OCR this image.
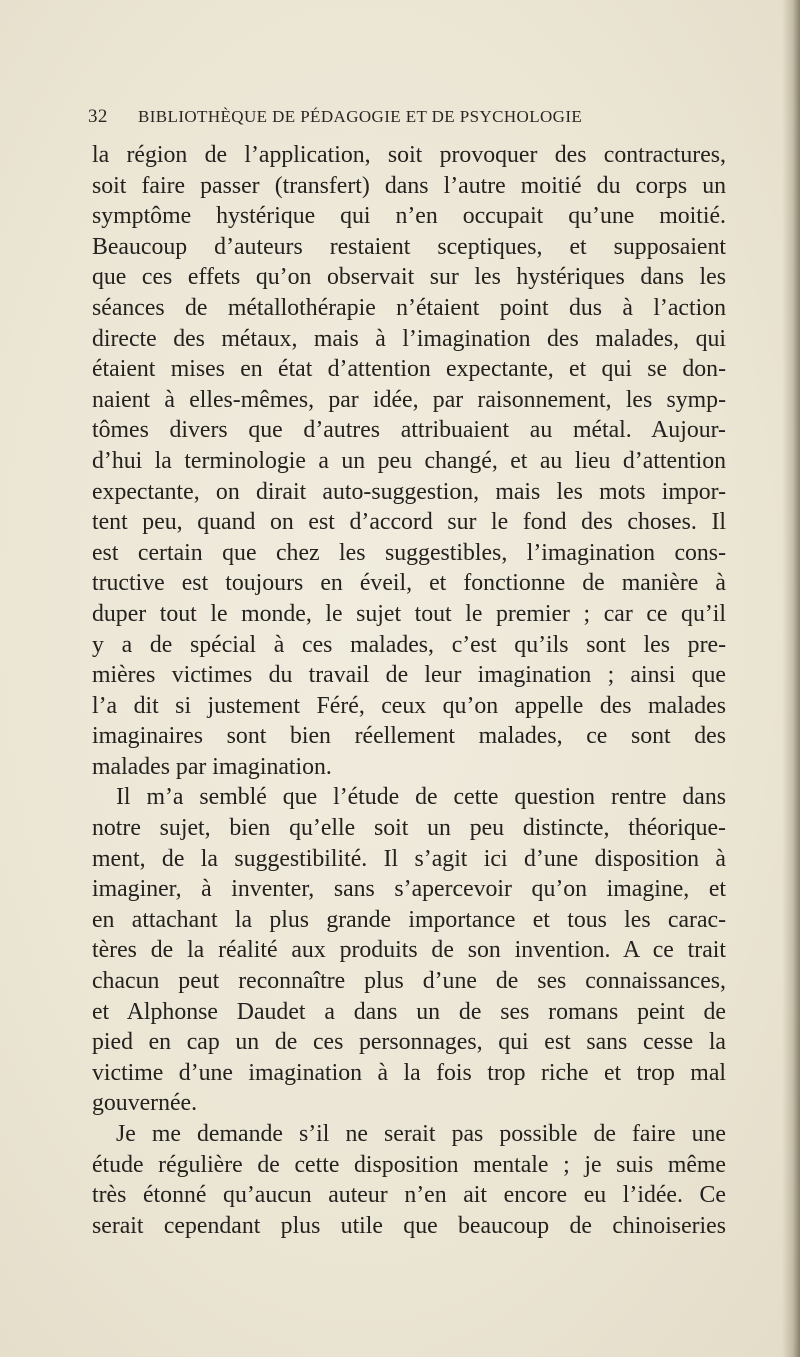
32 BIBLIOTHÈQUE DE PÉDAGOGIE ET DE PSYCHOLOGIE
la région de l’application, soit provoquer des contractures,
soit faire passer (transfert) dans l’autre moitié du corps un
symptôme hystérique qui n’en occupait qu’une moitié.
Beaucoup d’auteurs restaient sceptiques, et supposaient
que ces effets qu’on observait sur les hystériques dans les
séances de métallothérapie n’étaient point dus à l’action
directe des métaux, mais à l’imagination des malades, qui
étaient mises en état d’attention expectante, et qui se don-
naient à elles-mêmes, par idée, par raisonnement, les symp-
tômes divers que d’autres attribuaient au métal. Aujour-
d’hui la terminologie a un peu changé, et au lieu d’attention
expectante, on dirait auto-suggestion, mais les mots impor-
tent peu, quand on est d’accord sur le fond des choses. Il
est certain que chez les suggestibles, l’imagination cons-
tructive est toujours en éveil, et fonctionne de manière à
duper tout le monde, le sujet tout le premier ; car ce qu’il
y a de spécial à ces malades, c’est qu’ils sont les pre-
mières victimes du travail de leur imagination ; ainsi que
l’a dit si justement Féré, ceux qu’on appelle des malades
imaginaires sont bien réellement malades, ce sont des
malades par imagination.
Il m’a semblé que l’étude de cette question rentre dans
notre sujet, bien qu’elle soit un peu distincte, théorique-
ment, de la suggestibilité. Il s’agit ici d’une disposition à
imaginer, à inventer, sans s’apercevoir qu’on imagine, et
en attachant la plus grande importance et tous les carac-
tères de la réalité aux produits de son invention. A ce trait
chacun peut reconnaître plus d’une de ses connaissances,
et Alphonse Daudet a dans un de ses romans peint de
pied en cap un de ces personnages, qui est sans cesse la
victime d’une imagination à la fois trop riche et trop mal
gouvernée.
Je me demande s’il ne serait pas possible de faire une
étude régulière de cette disposition mentale ; je suis même
très étonné qu’aucun auteur n’en ait encore eu l’idée. Ce
serait cependant plus utile que beaucoup de chinoiseries
